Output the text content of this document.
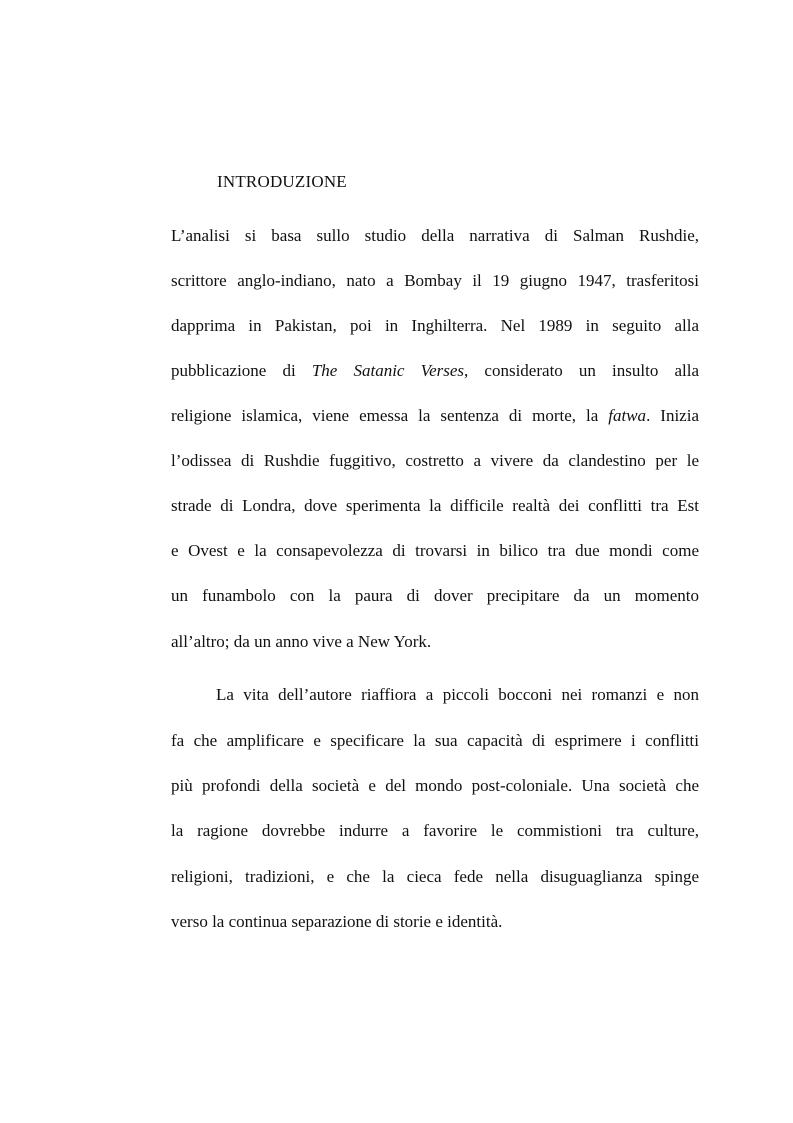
INTRODUZIONE
L’analisi si basa sullo studio della narrativa di Salman Rushdie,
scrittore anglo-indiano, nato a Bombay il 19 giugno 1947, trasferitosi
dapprima in Pakistan, poi in Inghilterra. Nel 1989 in seguito alla
pubblicazione di The Satanic Verses, considerato un insulto alla
religione islamica, viene emessa la sentenza di morte, la fatwa. Inizia
l’odissea di Rushdie fuggitivo, costretto a vivere da clandestino per le
strade di Londra, dove sperimenta la difficile realtà dei conflitti tra Est
e Ovest e la consapevolezza di trovarsi in bilico tra due mondi come
un funambolo con la paura di dover precipitare da un momento
all’altro; da un anno vive a New York.
La vita dell’autore riaffiora a piccoli bocconi nei romanzi e non
fa che amplificare e specificare la sua capacità di esprimere i conflitti
più profondi della società e del mondo post-coloniale. Una società che
la ragione dovrebbe indurre a favorire le commistioni tra culture,
religioni, tradizioni, e che la cieca fede nella disuguaglianza spinge
verso la continua separazione di storie e identità.
